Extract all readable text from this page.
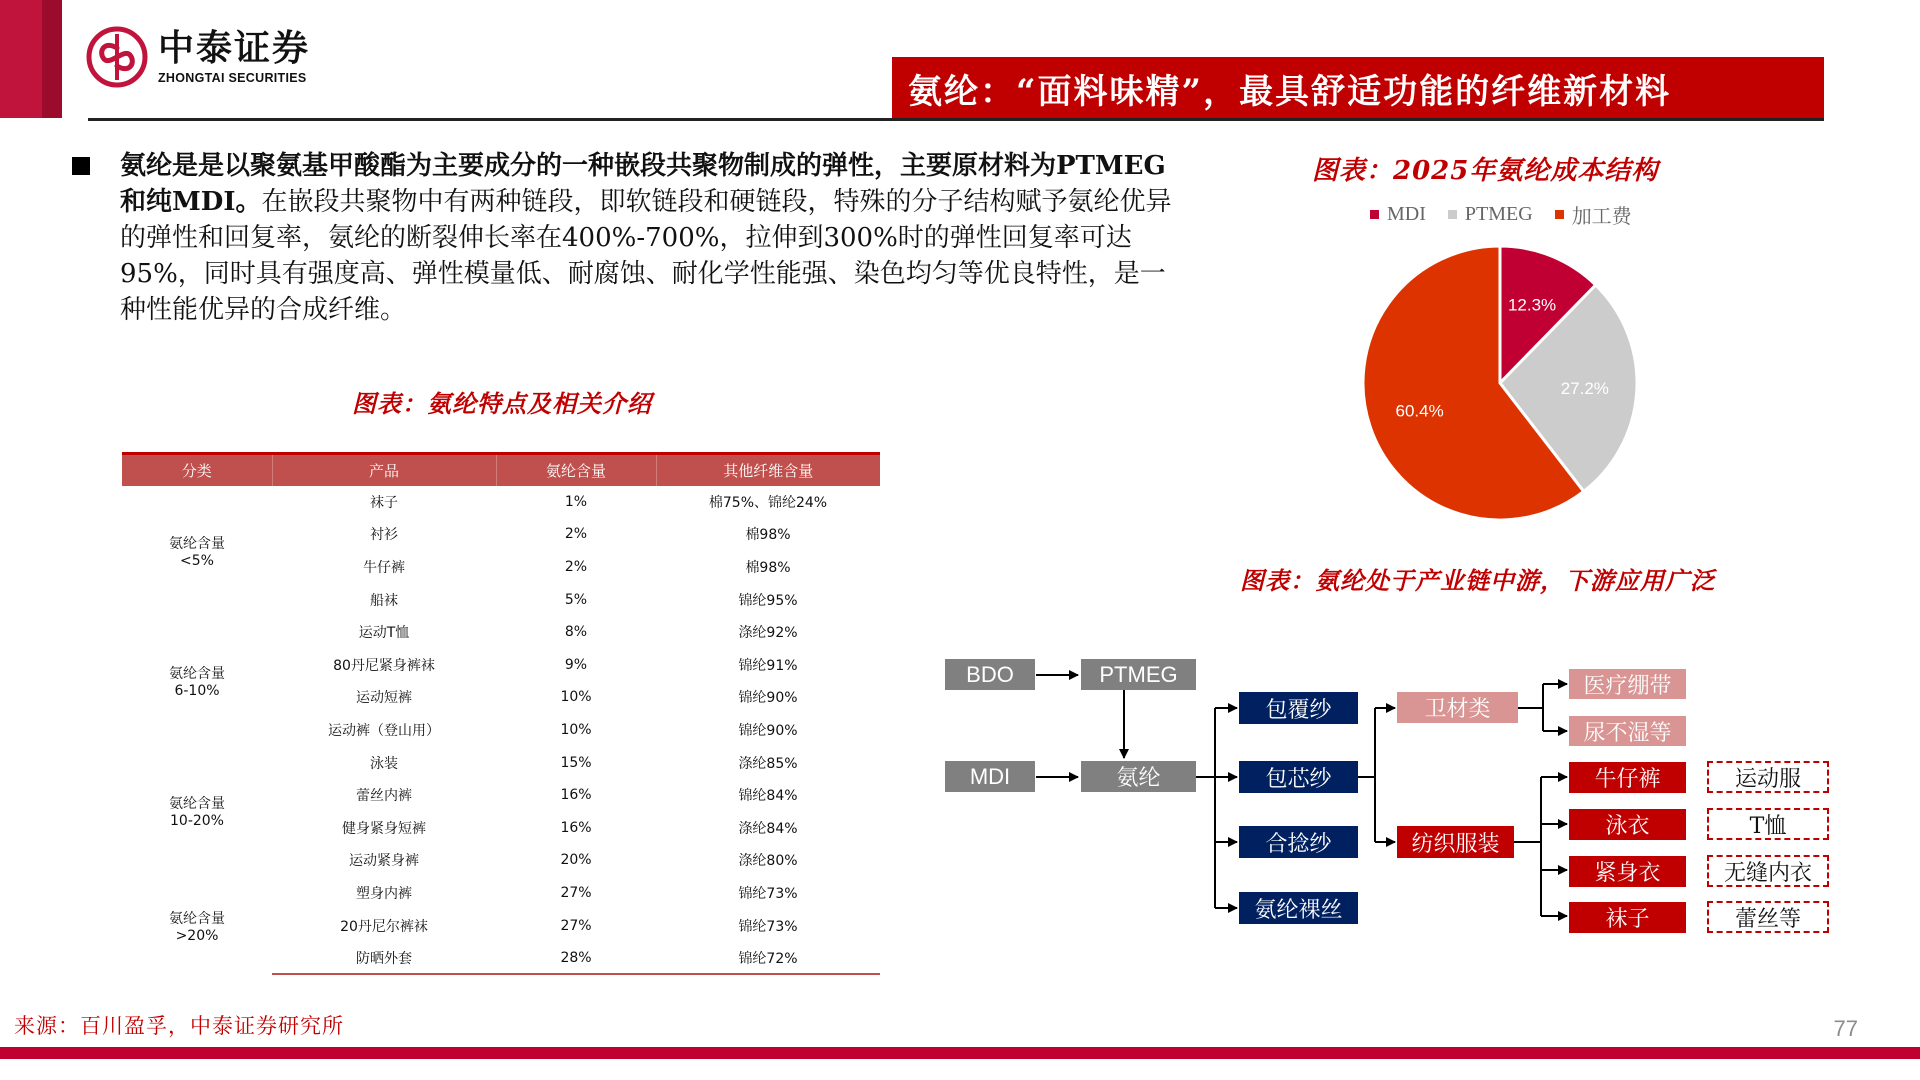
中泰证券
ZHONGTAI SECURITIES	氨纶：“面料味精”，最具舒适功能的纤维新材料
氨纶是是以聚氨基甲酸酯为主要成分的一种嵌段共聚物制成的弹性，主要原材料为PTMEG和纯MDI。在嵌段共聚物中有两种链段，即软链段和硬链段，特殊的分子结构赋予氨纶优异的弹性和回复率，氨纶的断裂伸长率在400%-700%，拉伸到300%时的弹性回复率可达95%，同时具有强度高、弹性模量低、耐腐蚀、耐化学性能强、染色均匀等优良特性，是一种性能优异的合成纤维。
图表：氨纶特点及相关介绍
分类	产品	氨纶含量	其他纤维含量

氨纶含量
<5%	袜子	1%	棉75%、锦纶24%
	衬衫	2%	棉98%
	牛仔裤	2%	棉98%
	船袜	5%	锦纶95%

氨纶含量
6-10%	运动T恤	8%	涤纶92%
	80丹尼紧身裤袜	9%	锦纶91%
	运动短裤	10%	锦纶90%
	运动裤（登山用）	10%	锦纶90%

氨纶含量
10-20%	泳装	15%	涤纶85%
	蕾丝内裤	16%	锦纶84%
	健身紧身短裤	16%	涤纶84%
	运动紧身裤	20%	涤纶80%

氨纶含量
>20%	塑身内裤	27%	锦纶73%
	20丹尼尔裤袜	27%	锦纶73%
	防晒外套	28%	锦纶72%
图表：2025年氨纶成本结构
MDI PTMEG 加工费
12.3%
27.2%
60.4%
图表：氨纶处于产业链中游，下游应用广泛
BDO	PTMEG
MDI	氨纶
包覆纱
包芯纱
合捻纱
氨纶裸丝
卫材类
纺织服装
医疗绷带
尿不湿等
牛仔裤
泳衣
紧身衣
袜子
运动服
T恤
无缝内衣
蕾丝等
来源：百川盈孚，中泰证券研究所	77
